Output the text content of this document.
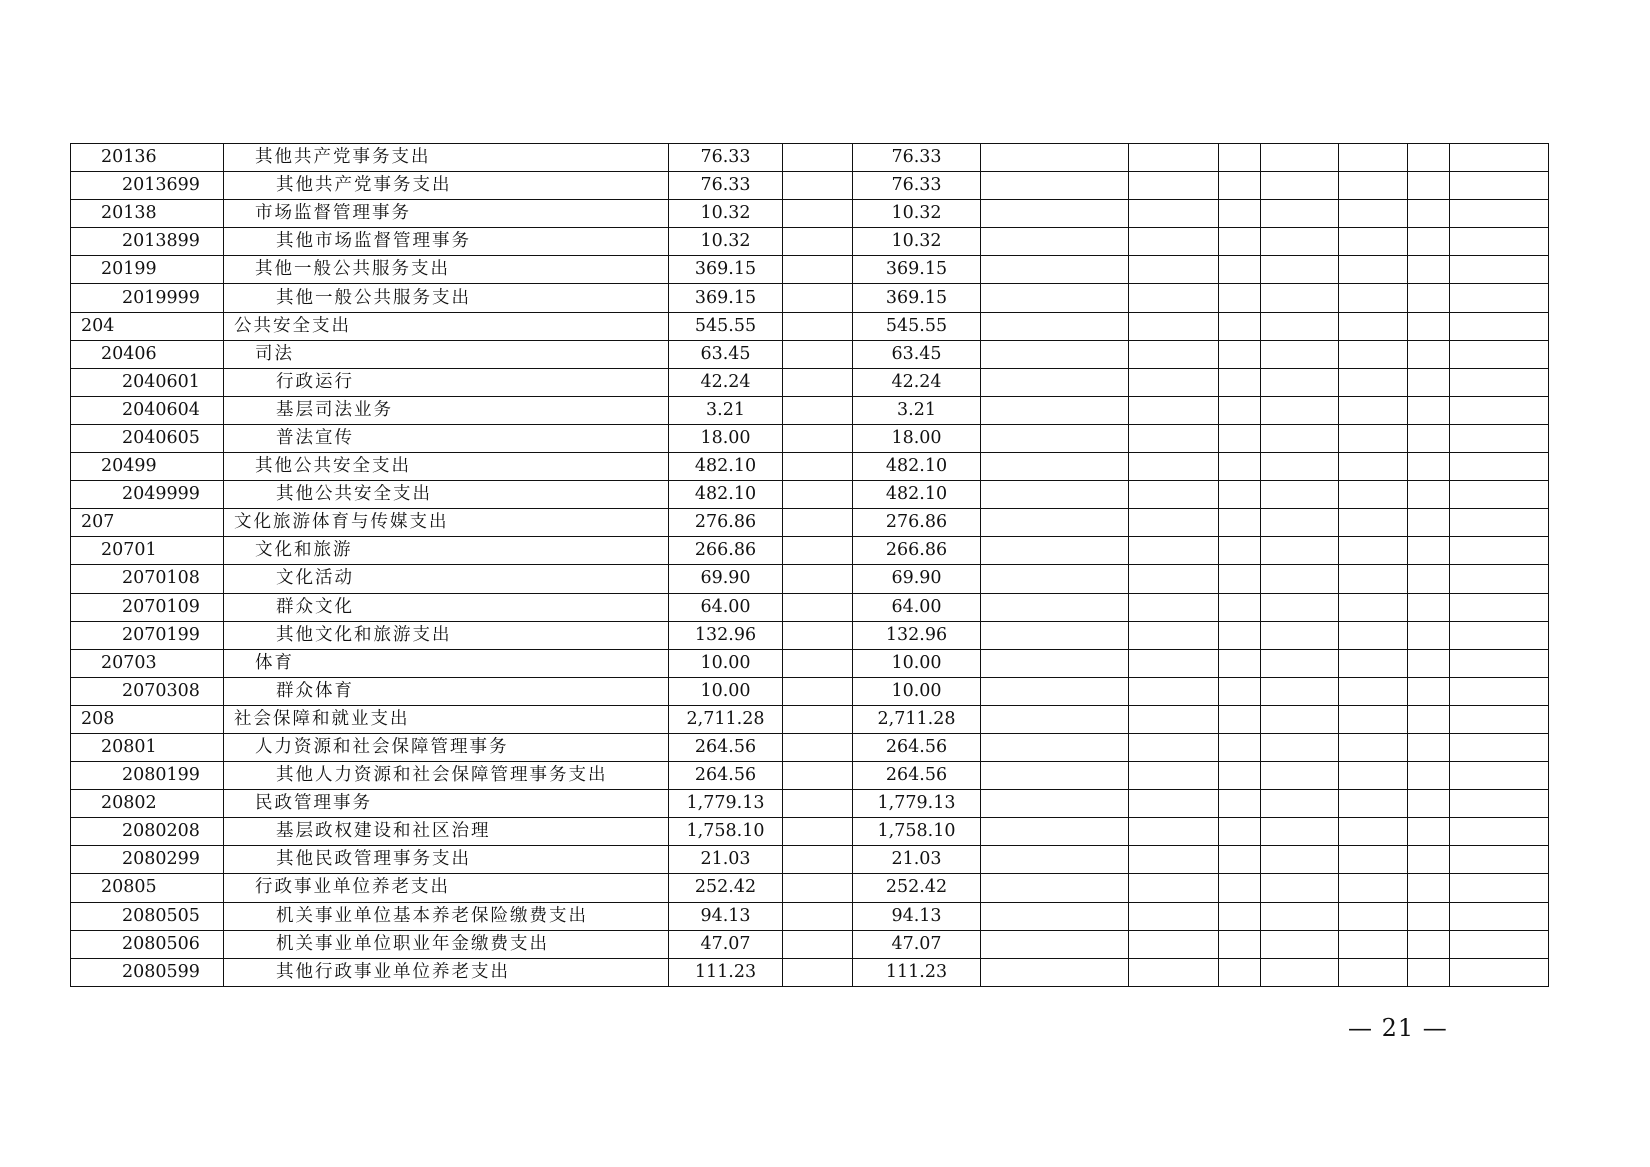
20136	其他共产党事务支出	76.33		76.33							
2013699	其他共产党事务支出	76.33		76.33							
20138	市场监督管理事务	10.32		10.32							
2013899	其他市场监督管理事务	10.32		10.32							
20199	其他一般公共服务支出	369.15		369.15							
2019999	其他一般公共服务支出	369.15		369.15							
204	公共安全支出	545.55		545.55							
20406	司法	63.45		63.45							
2040601	行政运行	42.24		42.24							
2040604	基层司法业务	3.21		3.21							
2040605	普法宣传	18.00		18.00							
20499	其他公共安全支出	482.10		482.10							
2049999	其他公共安全支出	482.10		482.10							
207	文化旅游体育与传媒支出	276.86		276.86							
20701	文化和旅游	266.86		266.86							
2070108	文化活动	69.90		69.90							
2070109	群众文化	64.00		64.00							
2070199	其他文化和旅游支出	132.96		132.96							
20703	体育	10.00		10.00							
2070308	群众体育	10.00		10.00							
208	社会保障和就业支出	2,711.28		2,711.28							
20801	人力资源和社会保障管理事务	264.56		264.56							
2080199	其他人力资源和社会保障管理事务支出	264.56		264.56							
20802	民政管理事务	1,779.13		1,779.13							
2080208	基层政权建设和社区治理	1,758.10		1,758.10							
2080299	其他民政管理事务支出	21.03		21.03							
20805	行政事业单位养老支出	252.42		252.42							
2080505	机关事业单位基本养老保险缴费支出	94.13		94.13							
2080506	机关事业单位职业年金缴费支出	47.07		47.07							
2080599	其他行政事业单位养老支出	111.23		111.23							
— 21 —
